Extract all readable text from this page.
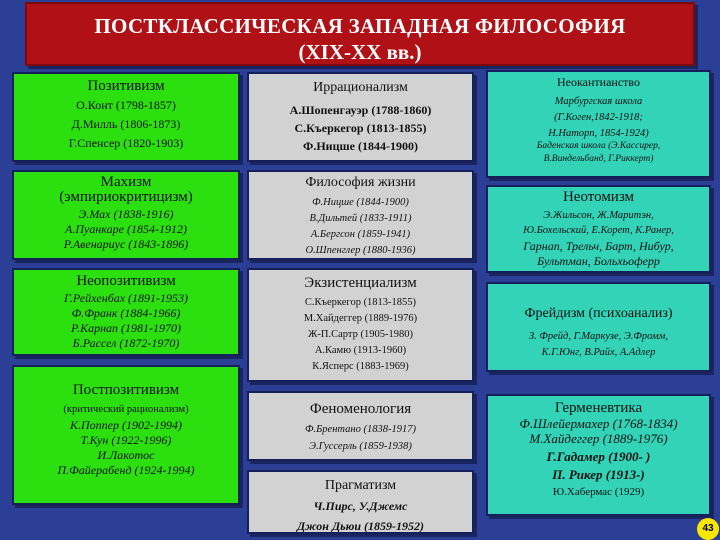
ПОСТКЛАССИЧЕСКАЯ ЗАПАДНАЯ ФИЛОСОФИЯ
(XIX-XX вв.)
Позитивизм
О.Конт (1798-1857)
Д.Милль (1806-1873)
Г.Спенсер (1820-1903)
Махизм
(эмпириокритицизм)
Э.Мах (1838-1916)
А.Пуанкаре (1854-1912)
Р.Авенариус (1843-1896)
Неопозитивизм
Г.Рейхенбах (1891-1953)
Ф.Франк (1884-1966)
Р.Карнап (1981-1970)
Б.Рассел (1872-1970)
Постпозитивизм
(критический рационализм)
К.Поппер (1902-1994)
Т.Кун (1922-1996)
И.Лакотос
П.Файерабенд (1924-1994)
Иррационализм
А.Шопенгауэр (1788-1860)
С.Къеркегор (1813-1855)
Ф.Ницше (1844-1900)
Философия жизни
Ф.Ницше (1844-1900)
В.Дильтей (1833-1911)
А.Бергсон (1859-1941)
О.Шпенглер (1880-1936)
Экзистенциализм
С.Къеркегор (1813-1855)
М.Хайдеггер (1889-1976)
Ж-П.Сартр (1905-1980)
А.Камю (1913-1960)
К.Ясперс (1883-1969)
Феноменология
Ф.Брентано (1838-1917)
Э.Гуссерль (1859-1938)
Прагматизм
Ч.Пирс, У.Джемс
Джон Дьюи (1859-1952)
Неокантианство
Марбургская школа
(Г.Коген,1842-1918;
Н.Наторп, 1854-1924)
Баденская школа (Э.Кассирер,
В.Виндельбанд, Г.Риккерт)
Неотомизм
Э.Жильсон, Ж.Маритэн,
Ю.Бохельский, Е.Корет, К.Ранер,
Гарнап, Трельч, Барт, Нибур,
Бультман, Больхьоферр
Фрейдизм (психоанализ)
З. Фрейд, Г.Маркузе, Э.Фромм,
К.Г.Юнг, В.Райх, А.Адлер
Герменевтика
Ф.Шлейермахер (1768-1834)
М.Хайдеггер (1889-1976)
Г.Гадамер (1900- )
П. Рикер (1913-)
Ю.Хабермас (1929)
43
